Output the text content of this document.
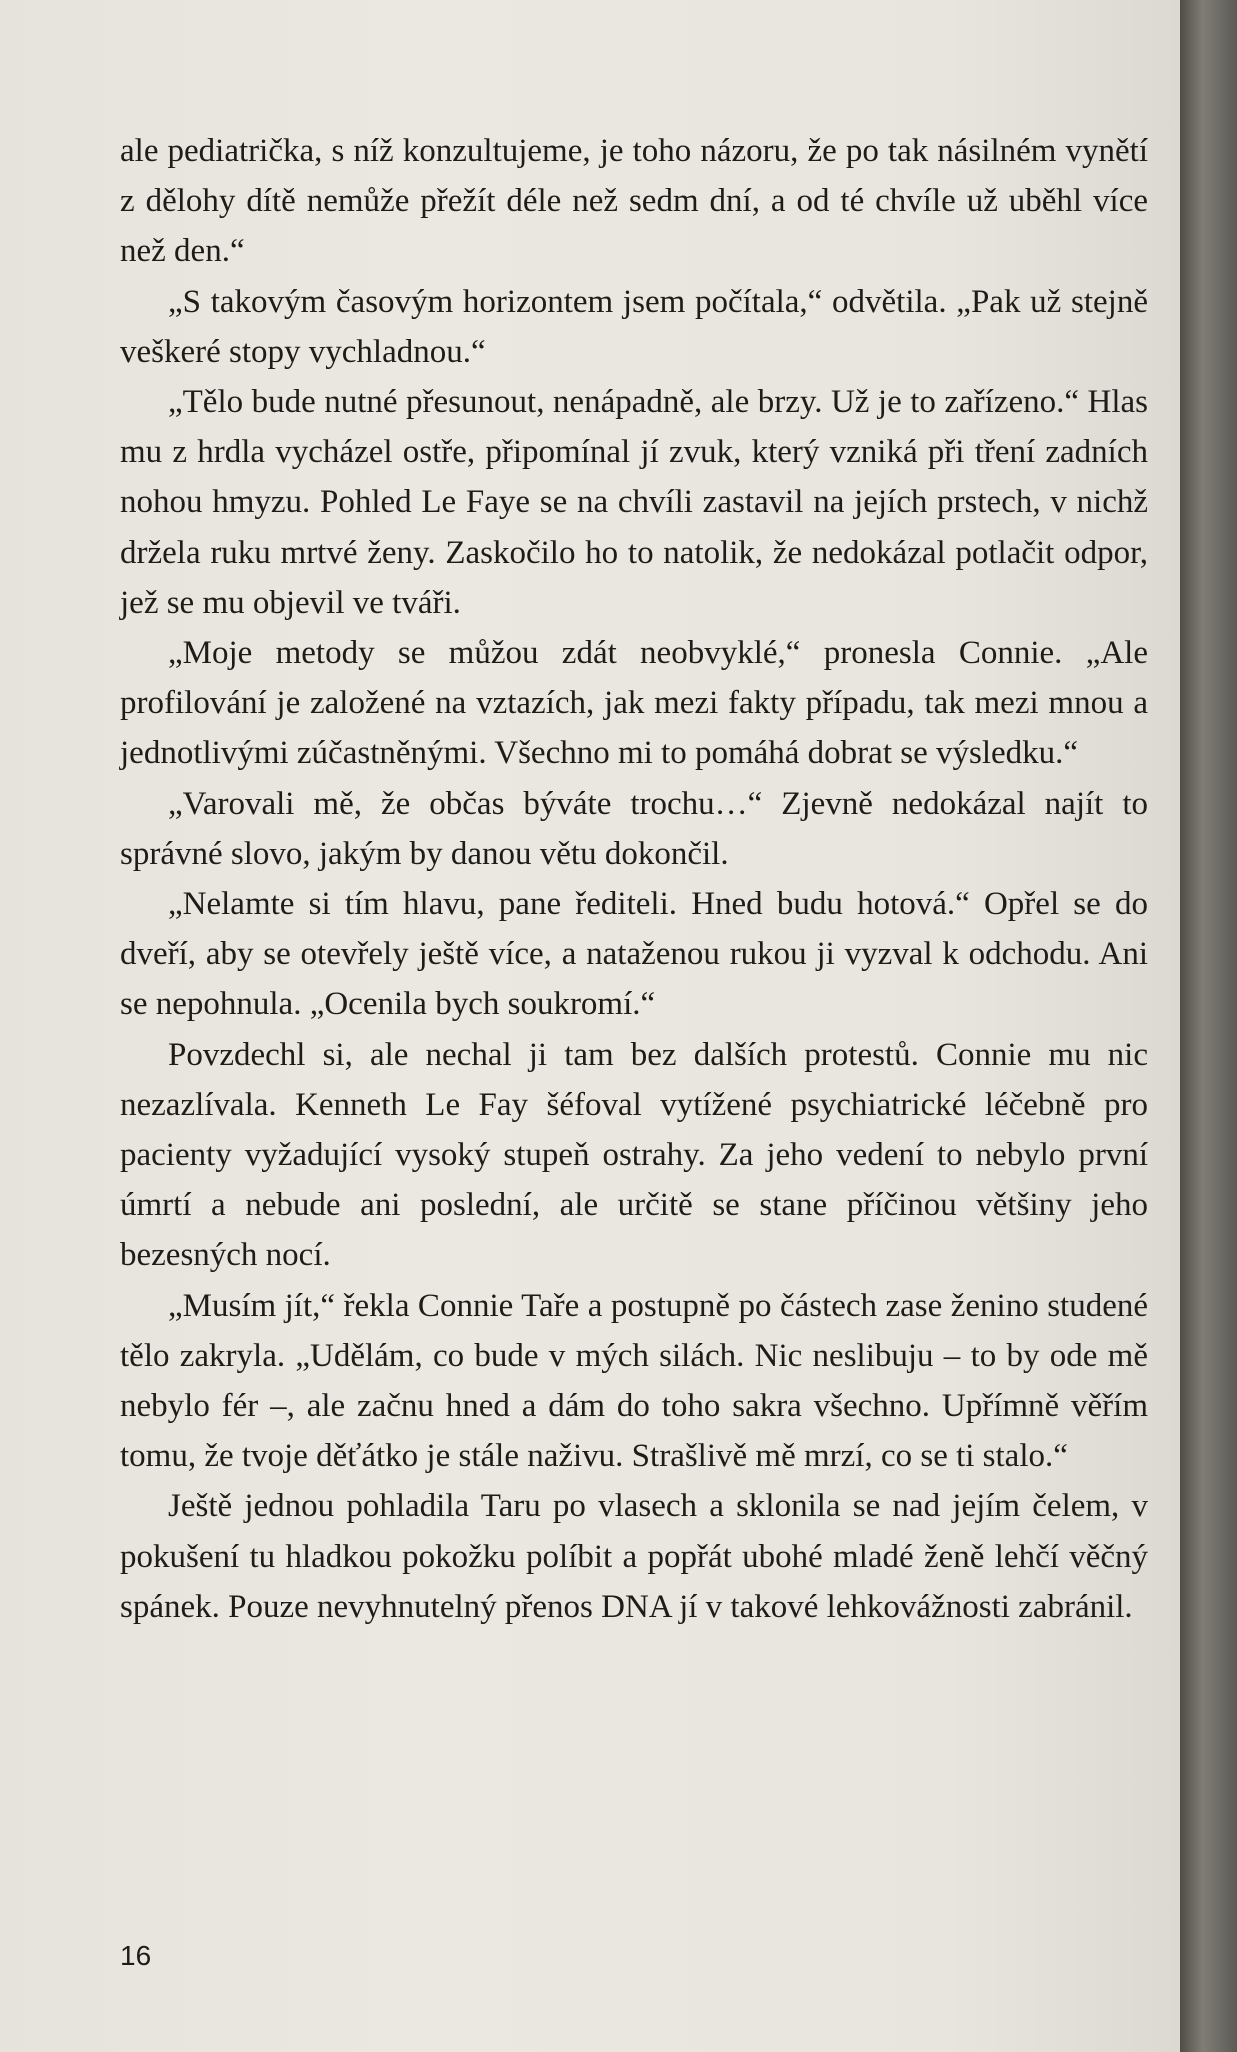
ale pediatrička, s níž konzultujeme, je toho názoru, že po tak násilném vynětí z dělohy dítě nemůže přežít déle než sedm dní, a od té chvíle už uběhl více než den.“

„S takovým časovým horizontem jsem počítala,“ odvětila. „Pak už stejně veškeré stopy vychladnou.“

„Tělo bude nutné přesunout, nenápadně, ale brzy. Už je to zařízeno.“ Hlas mu z hrdla vycházel ostře, připomínal jí zvuk, který vzniká při tření zadních nohou hmyzu. Pohled Le Faye se na chvíli zastavil na jejích prstech, v nichž držela ruku mrtvé ženy. Zaskočilo ho to natolik, že nedokázal potlačit odpor, jež se mu objevil ve tváři.

„Moje metody se můžou zdát neobvyklé,“ pronesla Connie. „Ale profilování je založené na vztazích, jak mezi fakty případu, tak mezi mnou a jednotlivými zúčastněnými. Všechno mi to pomáhá dobrat se výsledku.“

„Varovali mě, že občas býváte trochu…“ Zjevně nedokázal najít to správné slovo, jakým by danou větu dokončil.

„Nelamte si tím hlavu, pane řediteli. Hned budu hotová.“ Opřel se do dveří, aby se otevřely ještě více, a nataženou rukou ji vyzval k odchodu. Ani se nepohnula. „Ocenila bych soukromí.“

Povzdechl si, ale nechal ji tam bez dalších protestů. Connie mu nic nezazlívala. Kenneth Le Fay šéfoval vytížené psychiatrické léčebně pro pacienty vyžadující vysoký stupeň ostrahy. Za jeho vedení to nebylo první úmrtí a nebude ani poslední, ale určitě se stane příčinou většiny jeho bezesných nocí.

„Musím jít,“ řekla Connie Taře a postupně po částech zase ženino studené tělo zakryla. „Udělám, co bude v mých silách. Nic neslibuju – to by ode mě nebylo fér –, ale začnu hned a dám do toho sakra všechno. Upřímně věřím tomu, že tvoje děťátko je stále naživu. Strašlivě mě mrzí, co se ti stalo.“

Ještě jednou pohladila Taru po vlasech a sklonila se nad jejím čelem, v pokušení tu hladkou pokožku políbit a popřát ubohé mladé ženě lehčí věčný spánek. Pouze nevyhnutelný přenos DNA jí v takové lehkovážnosti zabránil.

16
